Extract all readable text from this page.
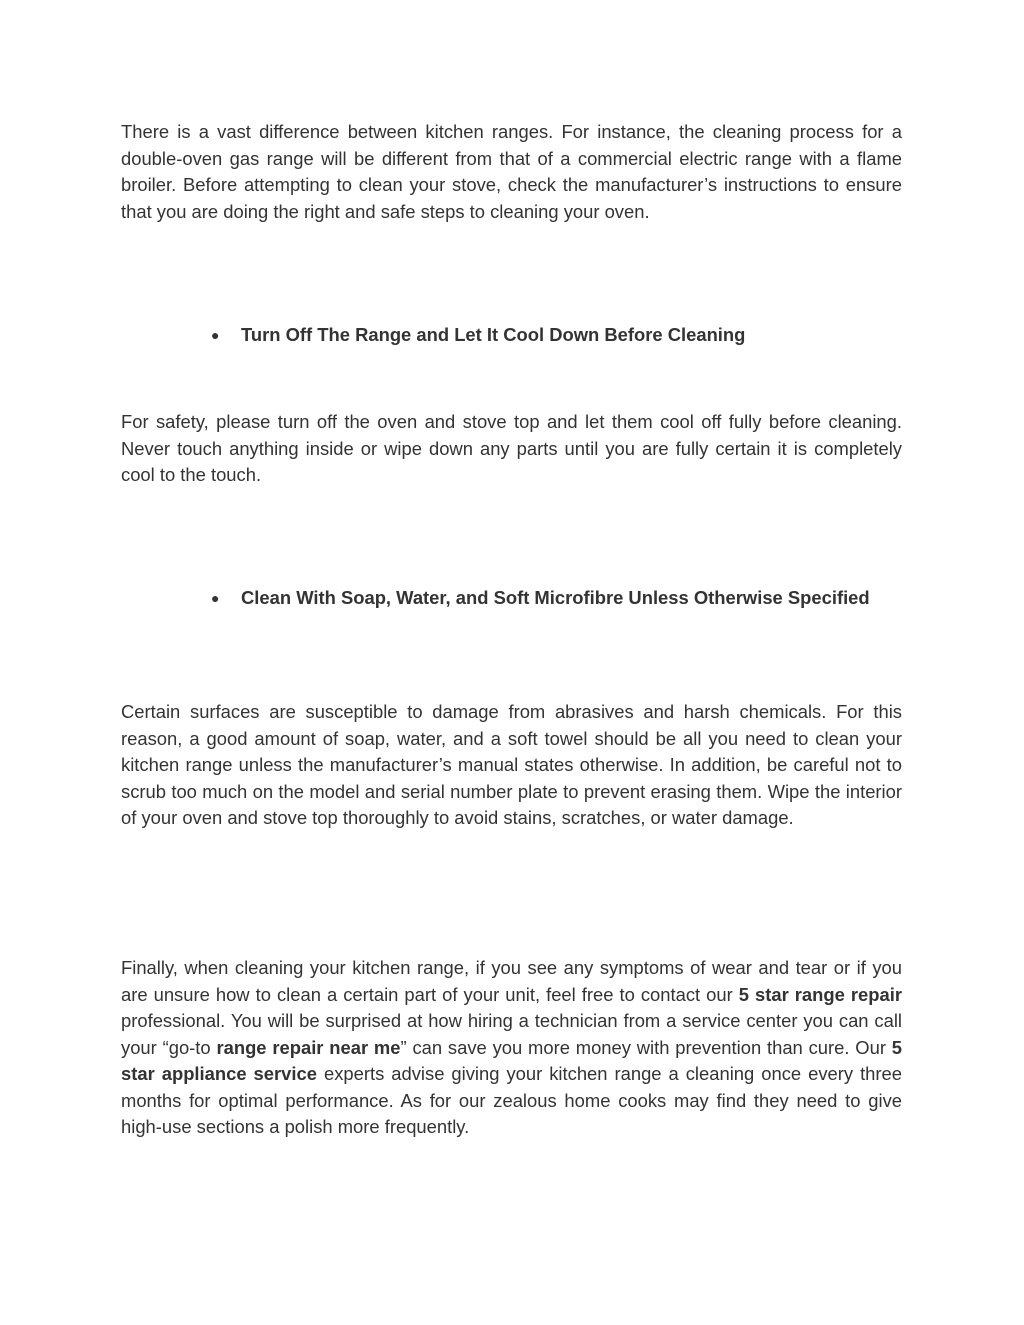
There is a vast difference between kitchen ranges. For instance, the cleaning process for a double-oven gas range will be different from that of a commercial electric range with a flame broiler. Before attempting to clean your stove, check the manufacturer’s instructions to ensure that you are doing the right and safe steps to cleaning your oven.

● Turn Off The Range and Let It Cool Down Before Cleaning

For safety, please turn off the oven and stove top and let them cool off fully before cleaning. Never touch anything inside or wipe down any parts until you are fully certain it is completely cool to the touch.

● Clean With Soap, Water, and Soft Microfibre Unless Otherwise Specified

Certain surfaces are susceptible to damage from abrasives and harsh chemicals. For this reason, a good amount of soap, water, and a soft towel should be all you need to clean your kitchen range unless the manufacturer’s manual states otherwise. In addition, be careful not to scrub too much on the model and serial number plate to prevent erasing them. Wipe the interior of your oven and stove top thoroughly to avoid stains, scratches, or water damage.

Finally, when cleaning your kitchen range, if you see any symptoms of wear and tear or if you are unsure how to clean a certain part of your unit, feel free to contact our 5 star range repair professional. You will be surprised at how hiring a technician from a service center you can call your “go-to range repair near me” can save you more money with prevention than cure. Our 5 star appliance service experts advise giving your kitchen range a cleaning once every three months for optimal performance. As for our zealous home cooks may find they need to give high-use sections a polish more frequently.
